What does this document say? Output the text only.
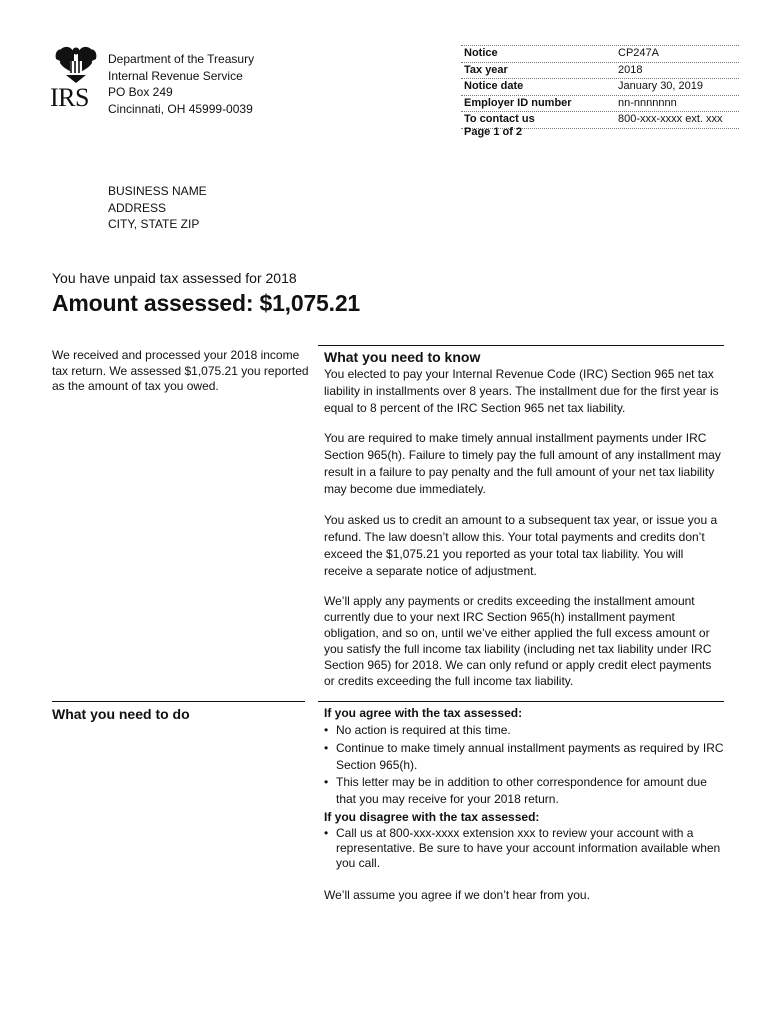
IRS
Department of the Treasury
Internal Revenue Service
PO Box 249
Cincinnati, OH 45999-0039
Notice	CP247A
Tax year	2018
Notice date	January 30, 2019
Employer ID number	nn-nnnnnnn
To contact us	800-xxx-xxxx ext. xxx
Page 1 of 2
BUSINESS NAME
ADDRESS
CITY, STATE ZIP
You have unpaid tax assessed for 2018
Amount assessed: $1,075.21
We received and processed your 2018 income tax return. We assessed $1,075.21 you reported as the amount of tax you owed.
What you need to know
You elected to pay your Internal Revenue Code (IRC) Section 965 net tax liability in installments over 8 years. The installment due for the first year is equal to 8 percent of the IRC Section 965 net tax liability.
You are required to make timely annual installment payments under IRC Section 965(h). Failure to timely pay the full amount of any installment may result in a failure to pay penalty and the full amount of your net tax liability may become due immediately.
You asked us to credit an amount to a subsequent tax year, or issue you a refund. The law doesn’t allow this. Your total payments and credits don’t exceed the $1,075.21 you reported as your total tax liability. You will receive a separate notice of adjustment.
We’ll apply any payments or credits exceeding the installment amount currently due to your next IRC Section 965(h) installment payment obligation, and so on, until we’ve either applied the full excess amount or you satisfy the full income tax liability (including net tax liability under IRC Section 965) for 2018. We can only refund or apply credit elect payments or credits exceeding the full income tax liability.
What you need to do	If you agree with the tax assessed:
• No action is required at this time.
• Continue to make timely annual installment payments as required by IRC Section 965(h).
• This letter may be in addition to other correspondence for amount due that you may receive for your 2018 return.
If you disagree with the tax assessed:
• Call us at 800-xxx-xxxx extension xxx to review your account with a representative. Be sure to have your account information available when you call.
We’ll assume you agree if we don’t hear from you.
